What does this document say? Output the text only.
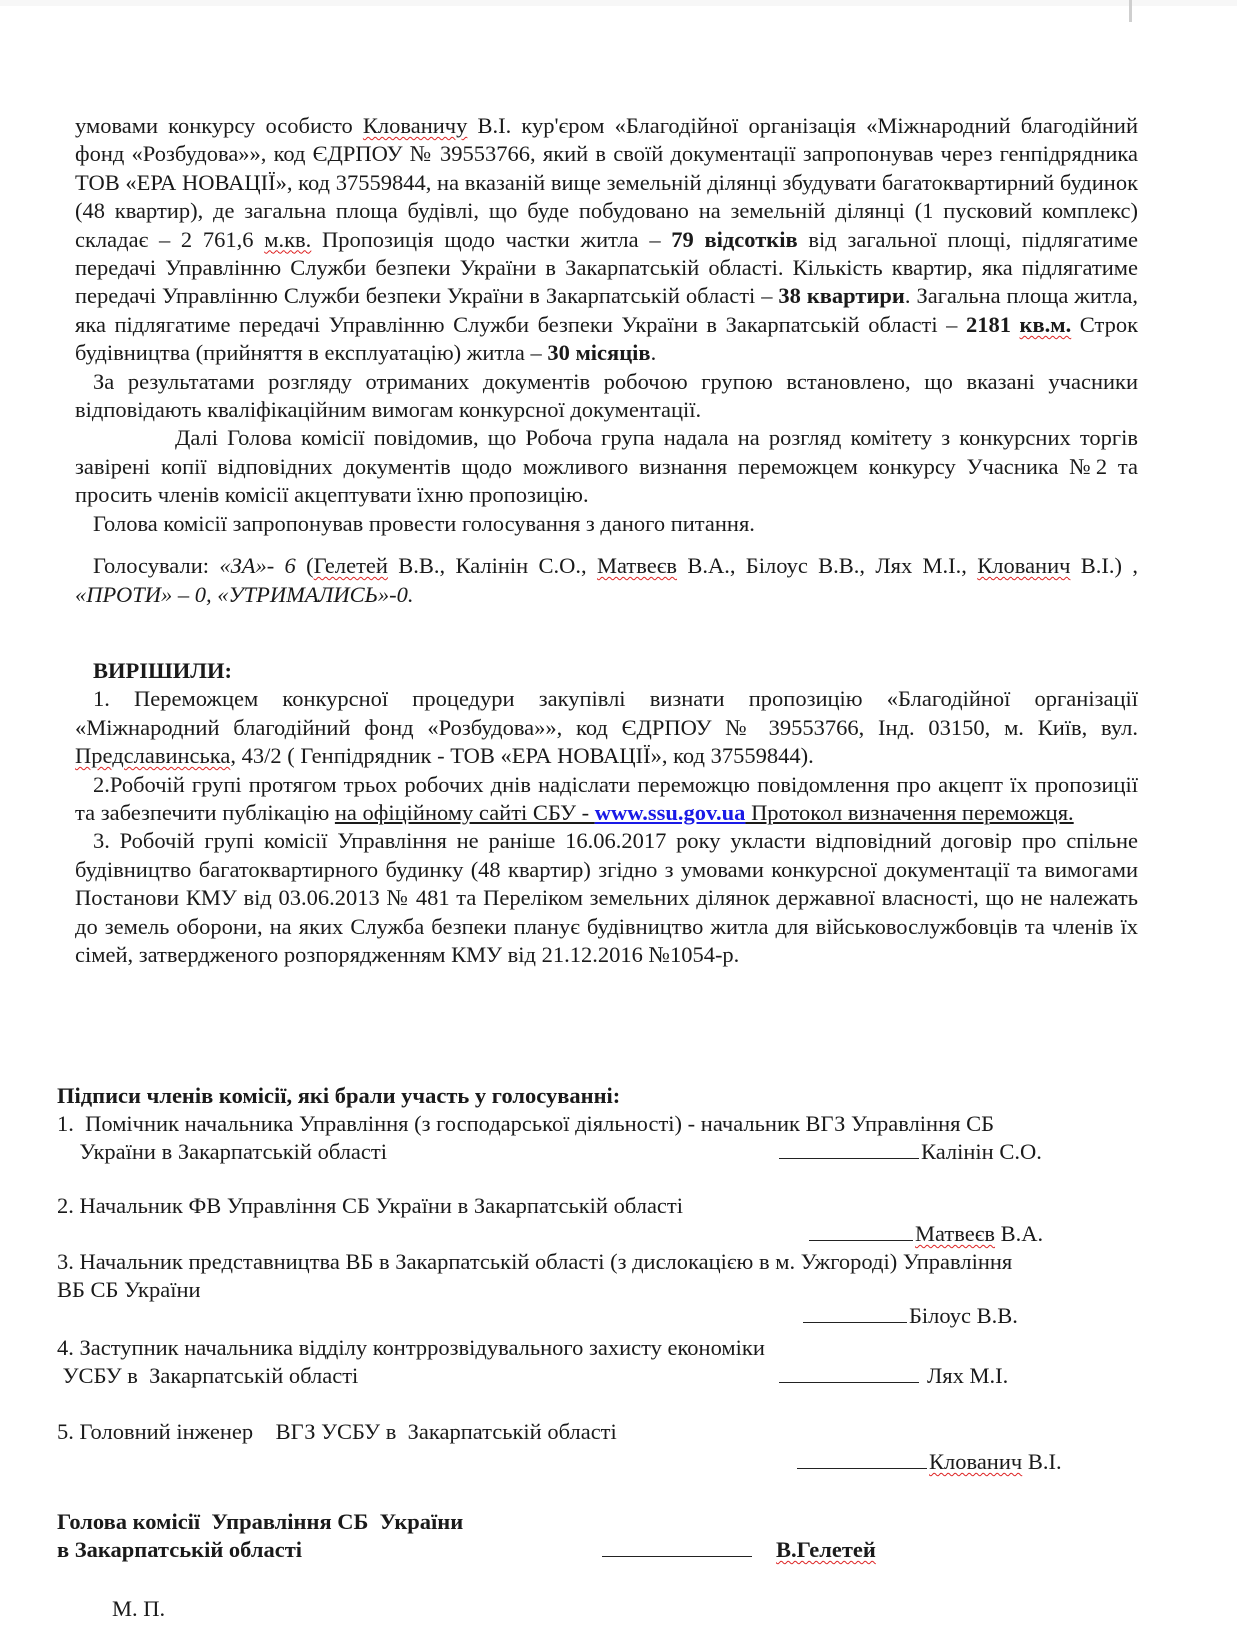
умовами конкурсу особисто Клованичу В.І. кур'єром «Благодійної організація «Міжнародний благодійний фонд «Розбудова»», код ЄДРПОУ № 39553766, який в своїй документації запропонував через генпідрядника ТОВ «ЕРА НОВАЦІЇ», код 37559844, на вказаній вище земельній ділянці збудувати багатоквартирний будинок (48 квартир), де загальна площа будівлі, що буде побудовано на земельній ділянці (1 пусковий комплекс) складає – 2 761,6 м.кв. Пропозиція щодо частки житла – 79 відсотків від загальної площі, підлягатиме передачі Управлінню Служби безпеки України в Закарпатській області. Кількість квартир, яка підлягатиме передачі Управлінню Служби безпеки України в Закарпатській області – 38 квартири. Загальна площа житла, яка підлягатиме передачі Управлінню Служби безпеки України в Закарпатській області – 2181 кв.м. Строк будівництва (прийняття в експлуатацію) житла – 30 місяців.

За результатами розгляду отриманих документів робочою групою встановлено, що вказані учасники відповідають кваліфікаційним вимогам конкурсної документації.

Далі Голова комісії повідомив, що Робоча група надала на розгляд комітету з конкурсних торгів завірені копії відповідних документів щодо можливого визнання переможцем конкурсу Учасника №2 та просить членів комісії акцептувати їхню пропозицію.

Голова комісії запропонував провести голосування з даного питання.

Голосували: «ЗА»- 6 (Гелетей В.В., Калінін С.О., Матвеєв В.А., Білоус В.В., Лях М.І., Клованич В.І.) , «ПРОТИ» – 0, «УТРИМАЛИСЬ»-0.

ВИРІШИЛИ:

1. Переможцем конкурсної процедури закупівлі визнати пропозицію «Благодійної організації «Міжнародний благодійний фонд «Розбудова»», код ЄДРПОУ № 39553766, Інд. 03150, м. Київ, вул. Предславинська, 43/2 ( Генпідрядник - ТОВ «ЕРА НОВАЦІЇ», код 37559844).

2.Робочій групі протягом трьох робочих днів надіслати переможцю повідомлення про акцепт їх пропозиції та забезпечити публікацію на офіційному сайті СБУ - www.ssu.gov.ua Протокол визначення переможця.

3. Робочій групі комісії Управління не раніше 16.06.2017 року укласти відповідний договір про спільне будівництво багатоквартирного будинку (48 квартир) згідно з умовами конкурсної документації та вимогами Постанови КМУ від 03.06.2013 № 481 та Переліком земельних ділянок державної власності, що не належать до земель оборони, на яких Служба безпеки планує будівництво житла для військовослужбовців та членів їх сімей, затвердженого розпорядженням КМУ від 21.12.2016 №1054-р.

Підписи членів комісії, які брали участь у голосуванні:

1.  Помічник начальника Управління (з господарської діяльності) - начальник ВГЗ Управління СБ
України в Закарпатській області	Калінін С.О.
2. Начальник ФВ Управління СБ України в Закарпатській області
Матвеєв В.А.
3. Начальник представництва ВБ в Закарпатській області (з дислокацією в м. Ужгороді) Управління
ВБ СБ України
Білоус В.В.
4. Заступник начальника відділу контррозвідувального захисту економіки
УСБУ в  Закарпатській області	Лях М.І.
5. Головний інженер    ВГЗ УСБУ в  Закарпатській області
Клованич В.І.
Голова комісії  Управління СБ  України
в Закарпатській області	В.Гелетей
М. П.
